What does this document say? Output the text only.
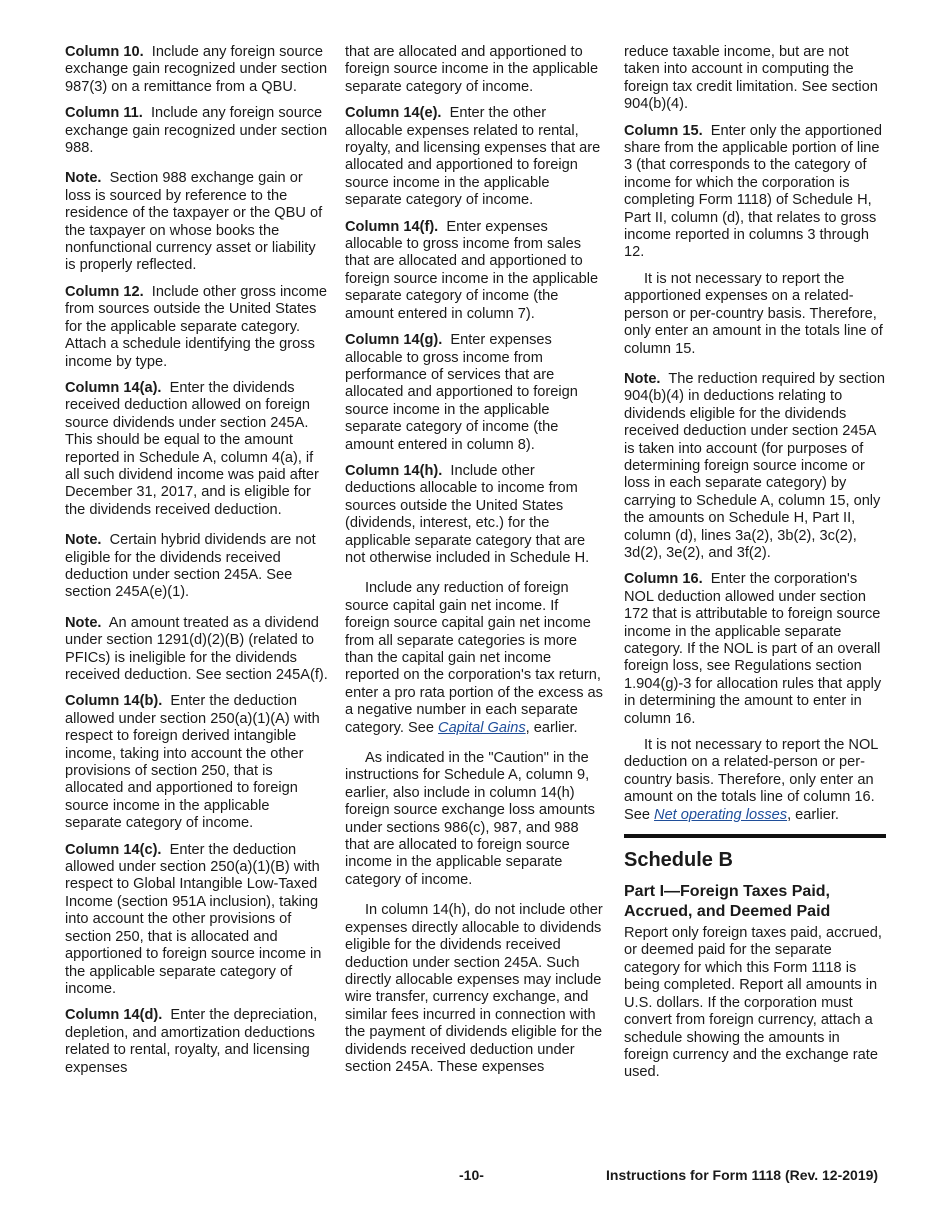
Column 10. Include any foreign source exchange gain recognized under section 987(3) on a remittance from a QBU.

Column 11. Include any foreign source exchange gain recognized under section 988.

Note. Section 988 exchange gain or loss is sourced by reference to the residence of the taxpayer or the QBU of the taxpayer on whose books the nonfunctional currency asset or liability is properly reflected.

Column 12. Include other gross income from sources outside the United States for the applicable separate category. Attach a schedule identifying the gross income by type.

Column 14(a). Enter the dividends received deduction allowed on foreign source dividends under section 245A. This should be equal to the amount reported in Schedule A, column 4(a), if all such dividend income was paid after December 31, 2017, and is eligible for the dividends received deduction.

Note. Certain hybrid dividends are not eligible for the dividends received deduction under section 245A. See section 245A(e)(1).

Note. An amount treated as a dividend under section 1291(d)(2)(B) (related to PFICs) is ineligible for the dividends received deduction. See section 245A(f).

Column 14(b). Enter the deduction allowed under section 250(a)(1)(A) with respect to foreign derived intangible income, taking into account the other provisions of section 250, that is allocated and apportioned to foreign source income in the applicable separate category of income.

Column 14(c). Enter the deduction allowed under section 250(a)(1)(B) with respect to Global Intangible Low-Taxed Income (section 951A inclusion), taking into account the other provisions of section 250, that is allocated and apportioned to foreign source income in the applicable separate category of income.

Column 14(d). Enter the depreciation, depletion, and amortization deductions related to rental, royalty, and licensing expenses

that are allocated and apportioned to foreign source income in the applicable separate category of income.

Column 14(e). Enter the other allocable expenses related to rental, royalty, and licensing expenses that are allocated and apportioned to foreign source income in the applicable separate category of income.

Column 14(f). Enter expenses allocable to gross income from sales that are allocated and apportioned to foreign source income in the applicable separate category of income (the amount entered in column 7).

Column 14(g). Enter expenses allocable to gross income from performance of services that are allocated and apportioned to foreign source income in the applicable separate category of income (the amount entered in column 8).

Column 14(h). Include other deductions allocable to income from sources outside the United States (dividends, interest, etc.) for the applicable separate category that are not otherwise included in Schedule H.

Include any reduction of foreign source capital gain net income. If foreign source capital gain net income from all separate categories is more than the capital gain net income reported on the corporation's tax return, enter a pro rata portion of the excess as a negative number in each separate category. See Capital Gains, earlier.

As indicated in the "Caution" in the instructions for Schedule A, column 9, earlier, also include in column 14(h) foreign source exchange loss amounts under sections 986(c), 987, and 988 that are allocated to foreign source income in the applicable separate category of income.

In column 14(h), do not include other expenses directly allocable to dividends eligible for the dividends received deduction under section 245A. Such directly allocable expenses may include wire transfer, currency exchange, and similar fees incurred in connection with the payment of dividends eligible for the dividends received deduction under section 245A. These expenses

reduce taxable income, but are not taken into account in computing the foreign tax credit limitation. See section 904(b)(4).

Column 15. Enter only the apportioned share from the applicable portion of line 3 (that corresponds to the category of income for which the corporation is completing Form 1118) of Schedule H, Part II, column (d), that relates to gross income reported in columns 3 through 12.

It is not necessary to report the apportioned expenses on a related-person or per-country basis. Therefore, only enter an amount in the totals line of column 15.

Note. The reduction required by section 904(b)(4) in deductions relating to dividends eligible for the dividends received deduction under section 245A is taken into account (for purposes of determining foreign source income or loss in each separate category) by carrying to Schedule A, column 15, only the amounts on Schedule H, Part II, column (d), lines 3a(2), 3b(2), 3c(2), 3d(2), 3e(2), and 3f(2).

Column 16. Enter the corporation's NOL deduction allowed under section 172 that is attributable to foreign source income in the applicable separate category. If the NOL is part of an overall foreign loss, see Regulations section 1.904(g)-3 for allocation rules that apply in determining the amount to enter in column 16.

It is not necessary to report the NOL deduction on a related-person or per-country basis. Therefore, only enter an amount on the totals line of column 16. See Net operating losses, earlier.

Schedule B
Part I—Foreign Taxes Paid, Accrued, and Deemed Paid

Report only foreign taxes paid, accrued, or deemed paid for the separate category for which this Form 1118 is being completed. Report all amounts in U.S. dollars. If the corporation must convert from foreign currency, attach a schedule showing the amounts in foreign currency and the exchange rate used.

-10-	Instructions for Form 1118 (Rev. 12-2019)
